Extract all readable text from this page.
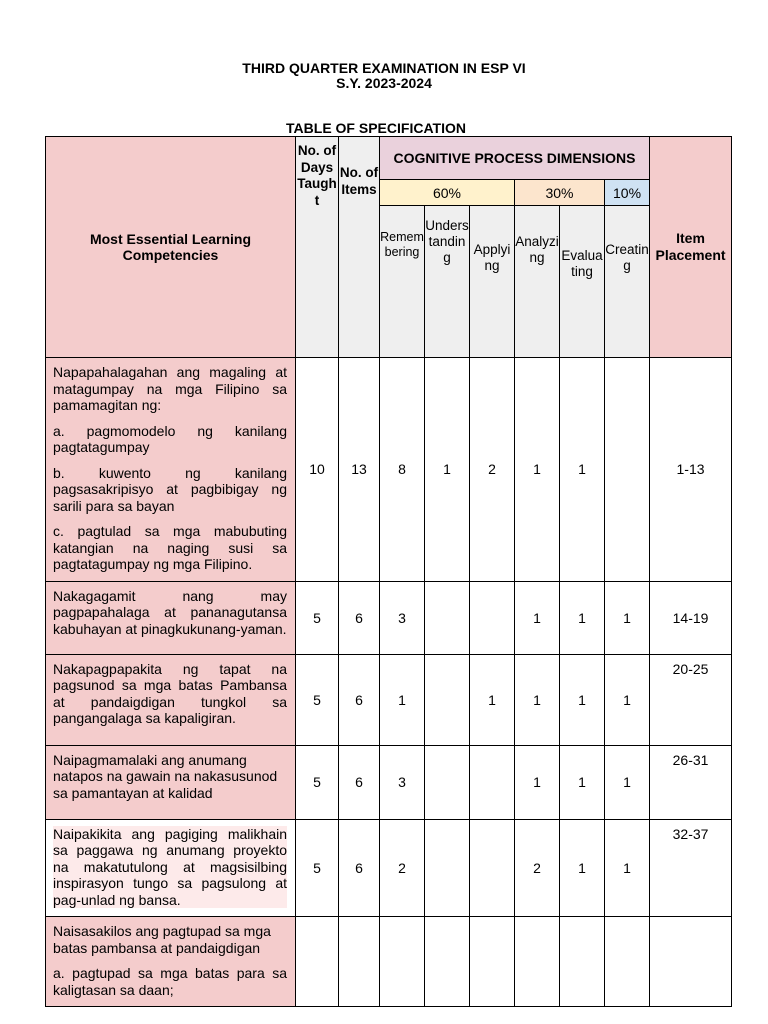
THIRD QUARTER EXAMINATION IN ESP VI
S.Y. 2023-2024
TABLE OF SPECIFICATION
Most Essential Learning Competencies	No. of Days Taught	No. of Items	COGNITIVE PROCESS DIMENSIONS						Item Placement
			60%			30%		10%	
			Remembering	Understanding	Applying	Analyzing	Evaluating	Creating	

Napapahalagahan ang magaling at matagumpay na mga Filipino sa pamamagitan ng:

a. pagmomodelo ng kanilang pagtatagumpay

b. kuwento ng kanilang pagsasakripisyo at pagbibigay ng sarili para sa bayan

c. pagtulad sa mga mabubuting katangian na naging susi sa pagtatagumpay ng mga Filipino.	10	13	8	1	2	1	1		1-13

Nakagagamit nang may pagpapahalaga at pananagutansa kabuhayan at pinagkukunang-yaman.	5	6	3			1	1	1	14-19

Nakapagpapakita ng tapat na pagsunod sa mga batas Pambansa at pandaigdigan tungkol sa pangangalaga sa kapaligiran.	5	6	1		1	1	1	1	20-25

Naipagmamalaki ang anumang natapos na gawain na nakasusunod sa pamantayan at kalidad	5	6	3			1	1	1	26-31

Naipakikita ang pagiging malikhain sa paggawa ng anumang proyekto na makatutulong at magsisilbing inspirasyon tungo sa pagsulong at pag-unlad ng bansa.	5	6	2			2	1	1	32-37

Naisasakilos ang pagtupad sa mga batas pambansa at pandaigdigan

a. pagtupad sa mga batas para sa kaligtasan sa daan;									
